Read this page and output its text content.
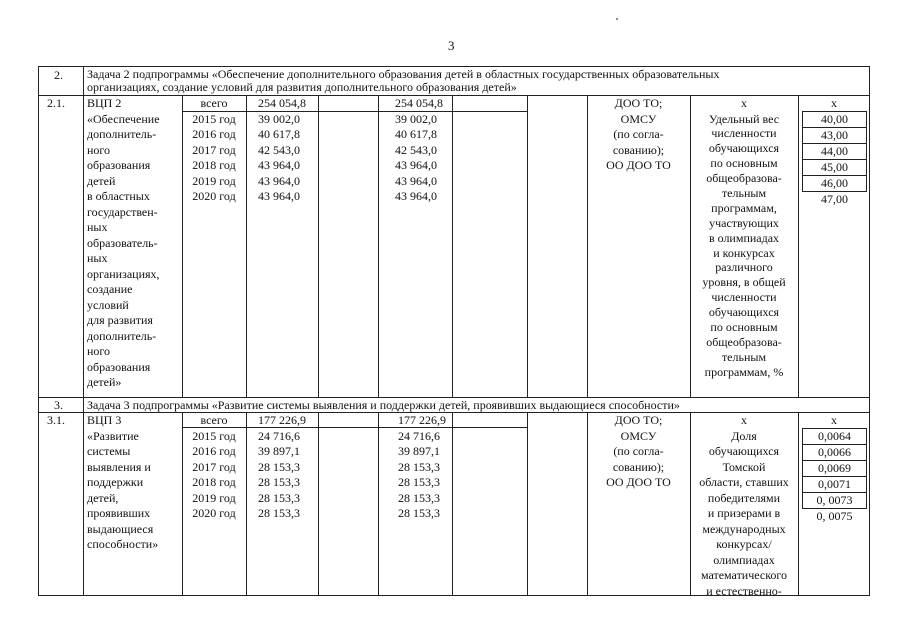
3
2. Задача 2 подпрограммы «Обеспечение дополнительного образования детей в областных государственных образовательных
организациях, создание условий для развития дополнительного образования детей»
2.1. ВЦП 2
«Обеспечение
дополнитель-
ного
образования
детей
в областных
государствен-
ных
образователь-
ных
организациях,
создание
условий
для развития
дополнитель-
ного
образования
детей»
всего
2015 год
2016 год
2017 год
2018 год
2019 год
2020 год
254 054,8
39 002,0
40 617,8
42 543,0
43 964,0
43 964,0
43 964,0
254 054,8
39 002,0
40 617,8
42 543,0
43 964,0
43 964,0
43 964,0
ДОО ТО;
ОМСУ
(по согла-
сованию);
ОО ДОО ТО
х
Удельный вес
численности
обучающихся
по основным
общеобразова-
тельным
программам,
участвующих
в олимпиадах
и конкурсах
различного
уровня, в общей
численности
обучающихся
по основным
общеобразова-
тельным
программам, %
х
40,00
43,00
44,00
45,00
46,00
47,00
3. Задача 3 подпрограммы «Развитие системы выявления и поддержки детей, проявивших выдающиеся способности»
3.1. ВЦП 3
«Развитие
системы
выявления и
поддержки
детей,
проявивших
выдающиеся
способности»
всего
2015 год
2016 год
2017 год
2018 год
2019 год
2020 год
177 226,9
24 716,6
39 897,1
28 153,3
28 153,3
28 153,3
28 153,3
177 226,9
24 716,6
39 897,1
28 153,3
28 153,3
28 153,3
28 153,3
ДОО ТО;
ОМСУ
(по согла-
сованию);
ОО ДОО ТО
х
Доля
обучающихся
Томской
области, ставших
победителями
и призерами в
международных
конкурсах/
олимпиадах
математического
и естественно-
х
0,0064
0,0066
0,0069
0,0071
0, 0073
0, 0075
